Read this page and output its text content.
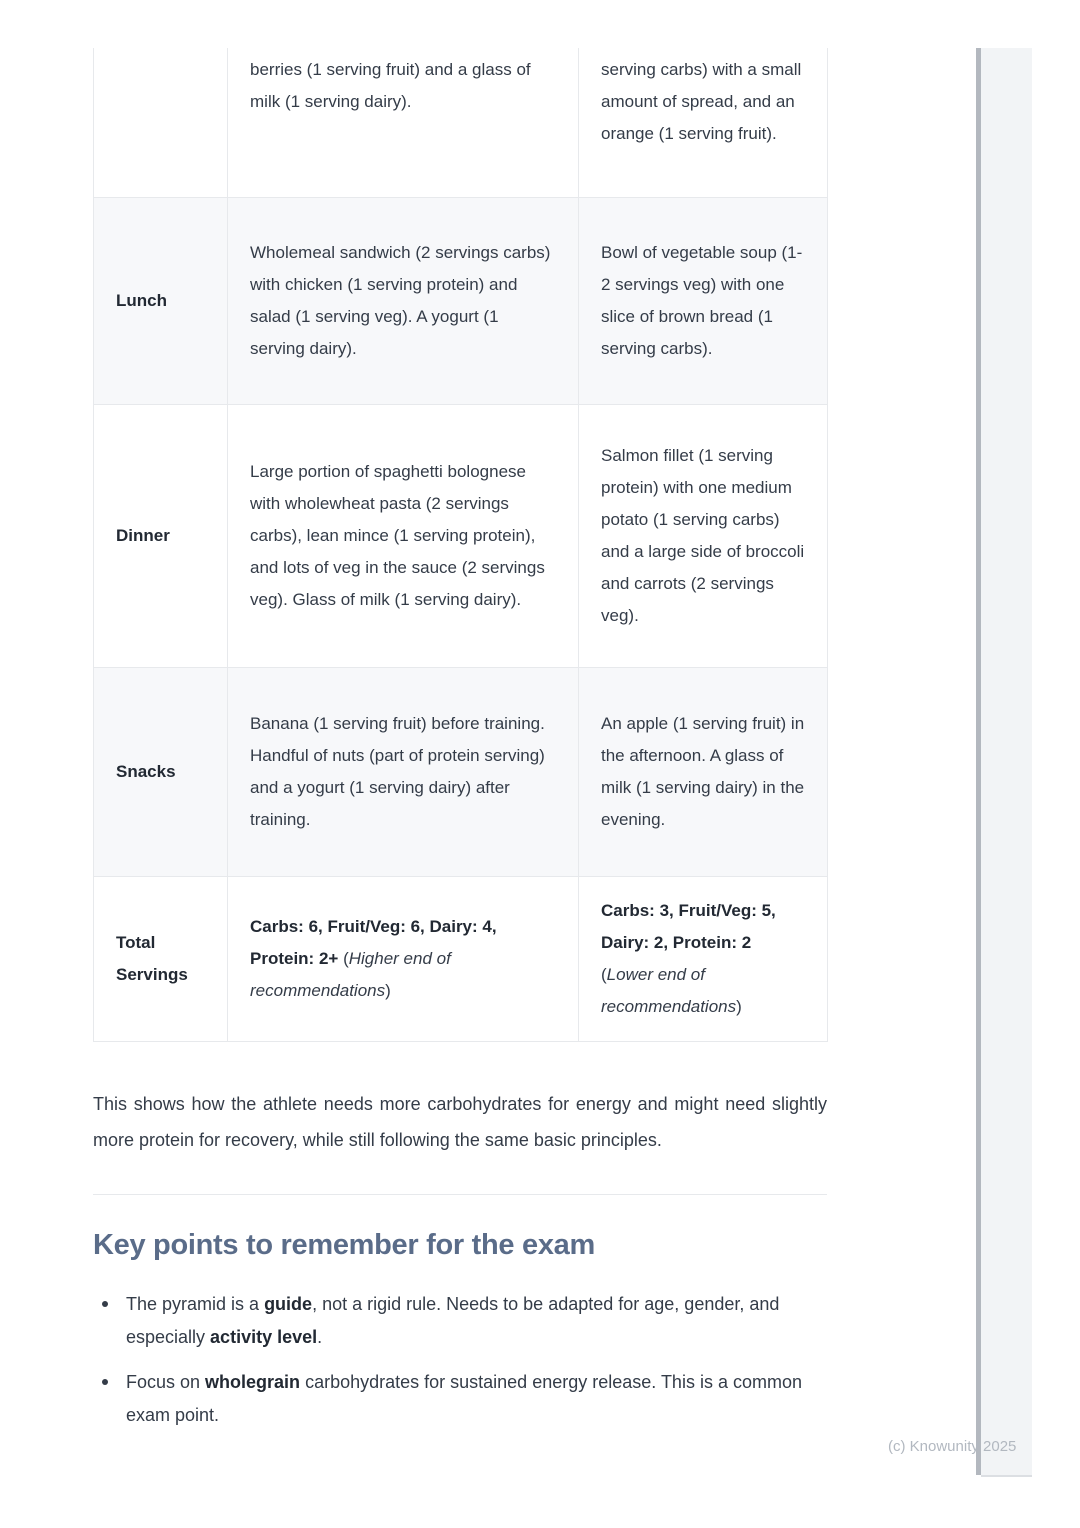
	berries (1 serving fruit) and a glass of milk (1 serving dairy).	serving carbs) with a small amount of spread, and an orange (1 serving fruit).
Lunch	Wholemeal sandwich (2 servings carbs) with chicken (1 serving protein) and salad (1 serving veg). A yogurt (1 serving dairy).	Bowl of vegetable soup (1-2 servings veg) with one slice of brown bread (1 serving carbs).
Dinner	Large portion of spaghetti bolognese with wholewheat pasta (2 servings carbs), lean mince (1 serving protein), and lots of veg in the sauce (2 servings veg). Glass of milk (1 serving dairy).	Salmon fillet (1 serving protein) with one medium potato (1 serving carbs) and a large side of broccoli and carrots (2 servings veg).
Snacks	Banana (1 serving fruit) before training. Handful of nuts (part of protein serving) and a yogurt (1 serving dairy) after training.	An apple (1 serving fruit) in the afternoon. A glass of milk (1 serving dairy) in the evening.
Total Servings	Carbs: 6, Fruit/Veg: 6, Dairy: 4, Protein: 2+ (Higher end of recommendations)	Carbs: 3, Fruit/Veg: 5, Dairy: 2, Protein: 2 (Lower end of recommendations)

This shows how the athlete needs more carbohydrates for energy and might need slightly more protein for recovery, while still following the same basic principles.

Key points to remember for the exam
The pyramid is a guide, not a rigid rule. Needs to be adapted for age, gender, and especially activity level.
Focus on wholegrain carbohydrates for sustained energy release. This is a common exam point.
(c) Knowunity 2025
